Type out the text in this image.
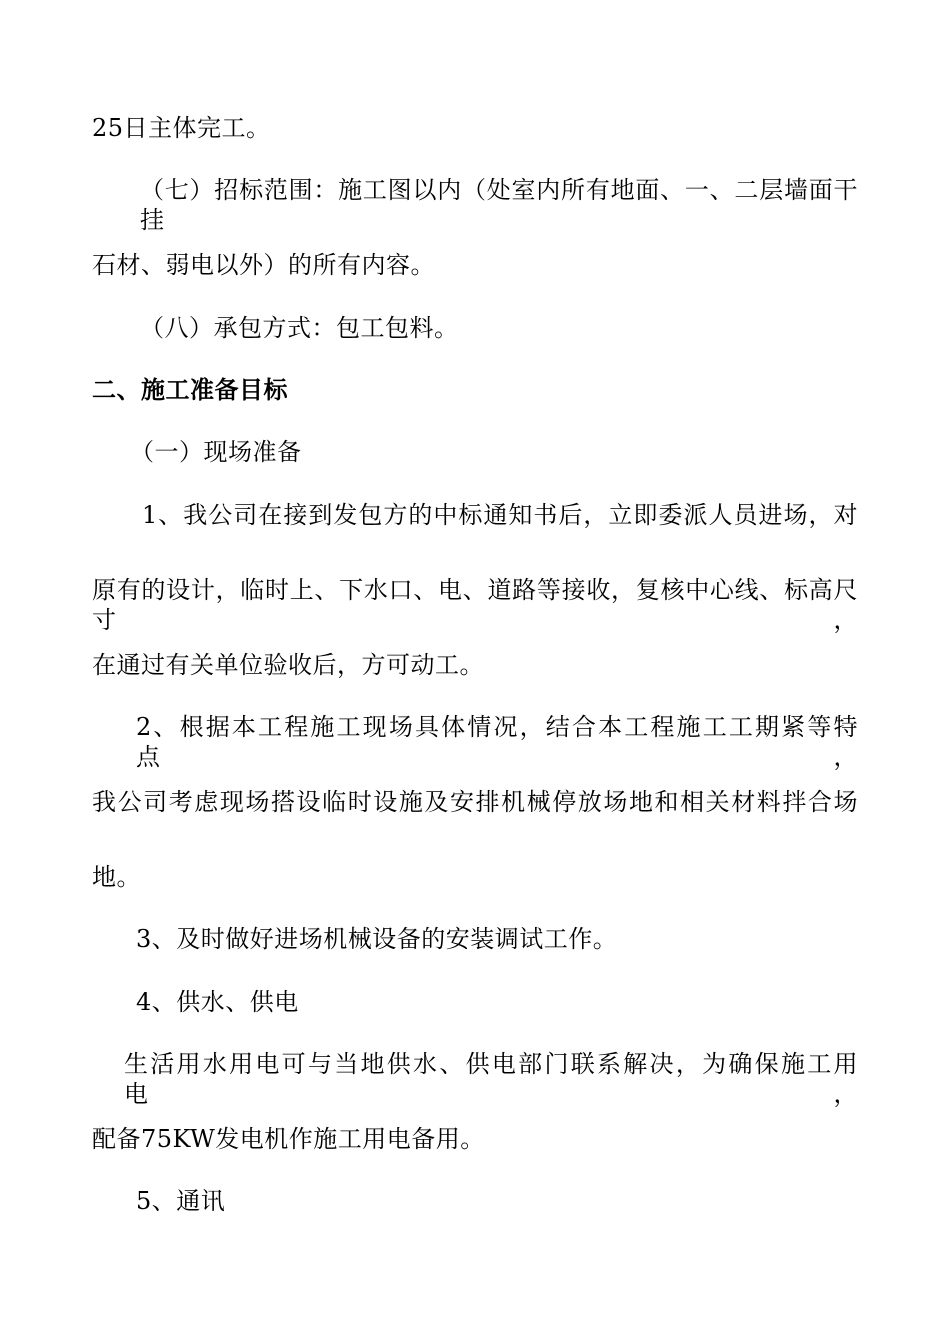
25日主体完工。
（七）招标范围：施工图以内（处室内所有地面、一、二层墙面干挂
石材、弱电以外）的所有内容。
（八）承包方式：包工包料。
二、施工准备目标
（一）现场准备
1、我公司在接到发包方的中标通知书后，立即委派人员进场，对
原有的设计，临时上、下水口、电、道路等接收，复核中心线、标高尺寸，
在通过有关单位验收后，方可动工。
2、根据本工程施工现场具体情况，结合本工程施工工期紧等特点，
我公司考虑现场搭设临时设施及安排机械停放场地和相关材料拌合场
地。
3、及时做好进场机械设备的安装调试工作。
4、供水、供电
生活用水用电可与当地供水、供电部门联系解决，为确保施工用电，
配备75KW发电机作施工用电备用。
5、通讯
